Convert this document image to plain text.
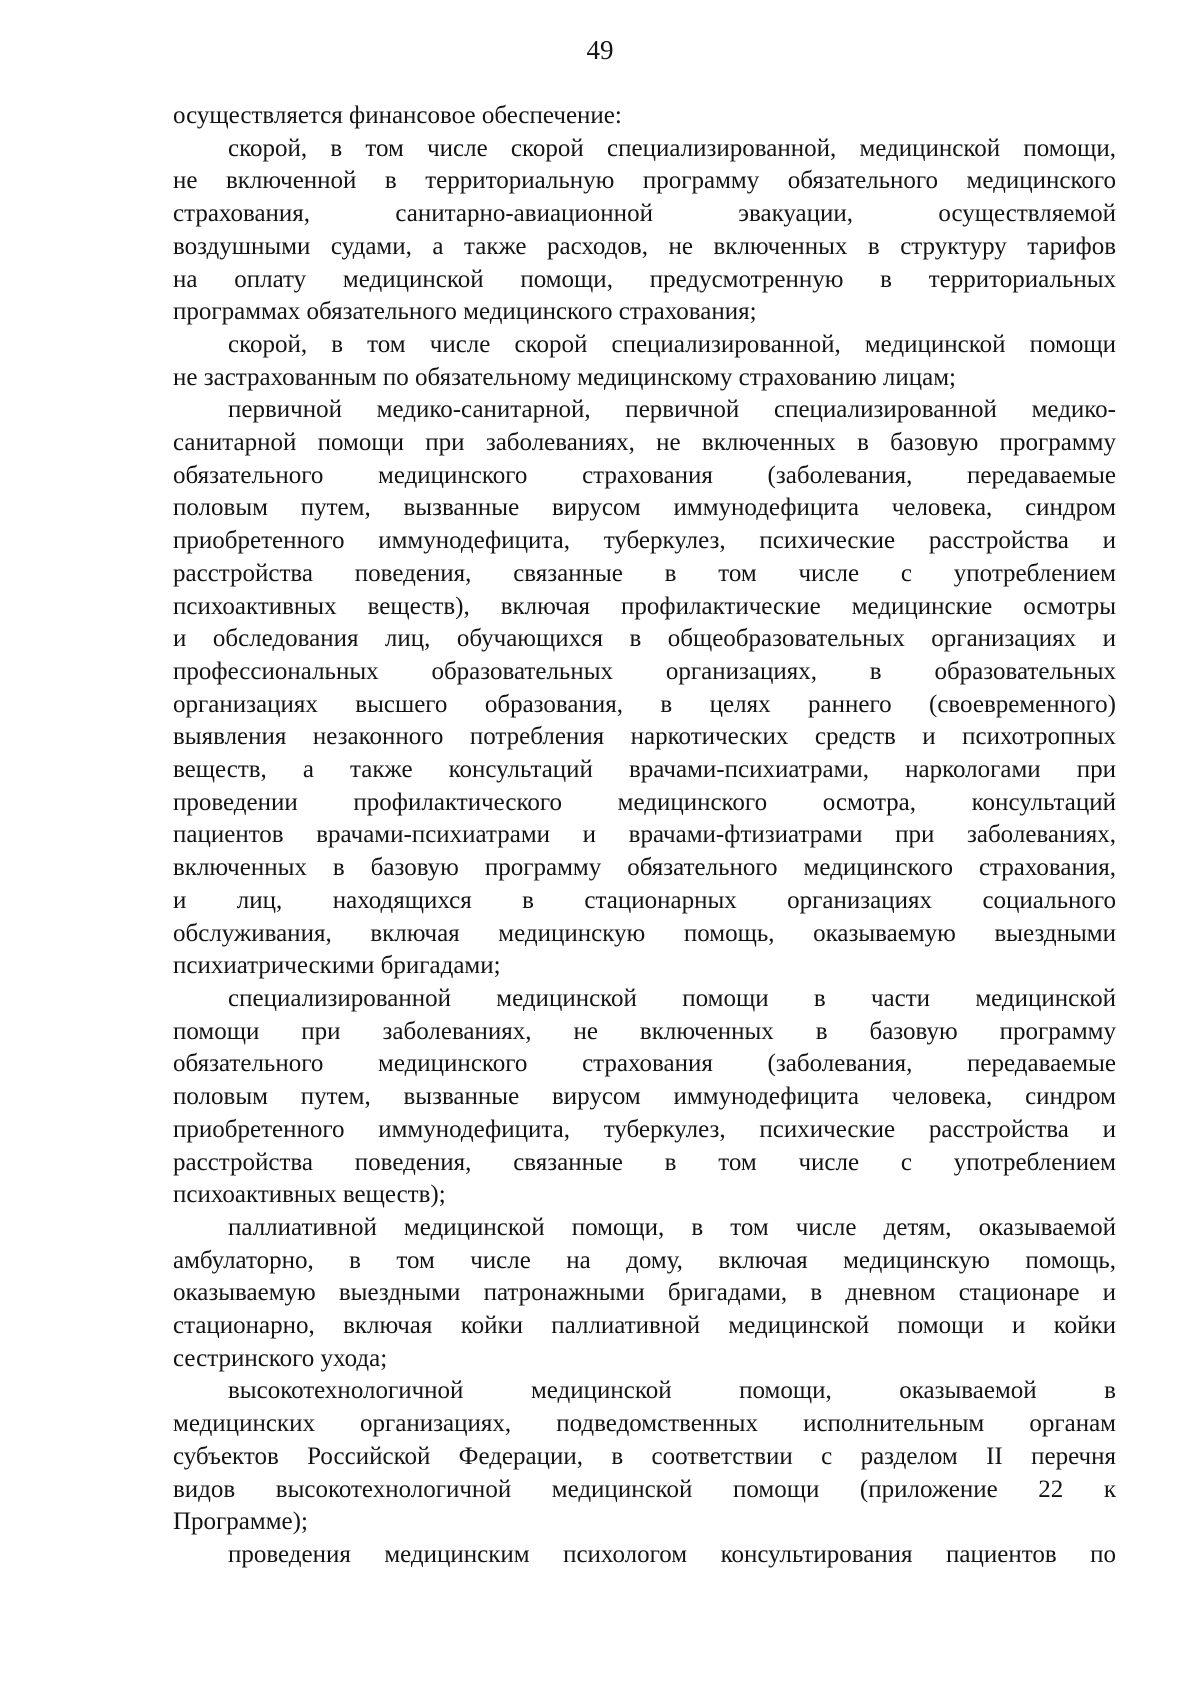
49
осуществляется финансовое обеспечение:
скорой, в том числе скорой специализированной, медицинской помощи,
не включенной в территориальную программу обязательного медицинского
страхования, санитарно-авиационной эвакуации, осуществляемой
воздушными судами, а также расходов, не включенных в структуру тарифов
на оплату медицинской помощи, предусмотренную в территориальных
программах обязательного медицинского страхования;
скорой, в том числе скорой специализированной, медицинской помощи
не застрахованным по обязательному медицинскому страхованию лицам;
первичной медико-санитарной, первичной специализированной медико-
санитарной помощи при заболеваниях, не включенных в базовую программу
обязательного медицинского страхования (заболевания, передаваемые
половым путем, вызванные вирусом иммунодефицита человека, синдром
приобретенного иммунодефицита, туберкулез, психические расстройства и
расстройства поведения, связанные в том числе с употреблением
психоактивных веществ), включая профилактические медицинские осмотры
и обследования лиц, обучающихся в общеобразовательных организациях и
профессиональных образовательных организациях, в образовательных
организациях высшего образования, в целях раннего (своевременного)
выявления незаконного потребления наркотических средств и психотропных
веществ, а также консультаций врачами-психиатрами, наркологами при
проведении профилактического медицинского осмотра, консультаций
пациентов врачами-психиатрами и врачами-фтизиатрами при заболеваниях,
включенных в базовую программу обязательного медицинского страхования,
и лиц, находящихся в стационарных организациях социального
обслуживания, включая медицинскую помощь, оказываемую выездными
психиатрическими бригадами;
специализированной медицинской помощи в части медицинской
помощи при заболеваниях, не включенных в базовую программу
обязательного медицинского страхования (заболевания, передаваемые
половым путем, вызванные вирусом иммунодефицита человека, синдром
приобретенного иммунодефицита, туберкулез, психические расстройства и
расстройства поведения, связанные в том числе с употреблением
психоактивных веществ);
паллиативной медицинской помощи, в том числе детям, оказываемой
амбулаторно, в том числе на дому, включая медицинскую помощь,
оказываемую выездными патронажными бригадами, в дневном стационаре и
стационарно, включая койки паллиативной медицинской помощи и койки
сестринского ухода;
высокотехнологичной медицинской помощи, оказываемой в
медицинских организациях, подведомственных исполнительным органам
субъектов Российской Федерации, в соответствии с разделом II перечня
видов высокотехнологичной медицинской помощи (приложение 22 к
Программе);
проведения медицинским психологом консультирования пациентов по
